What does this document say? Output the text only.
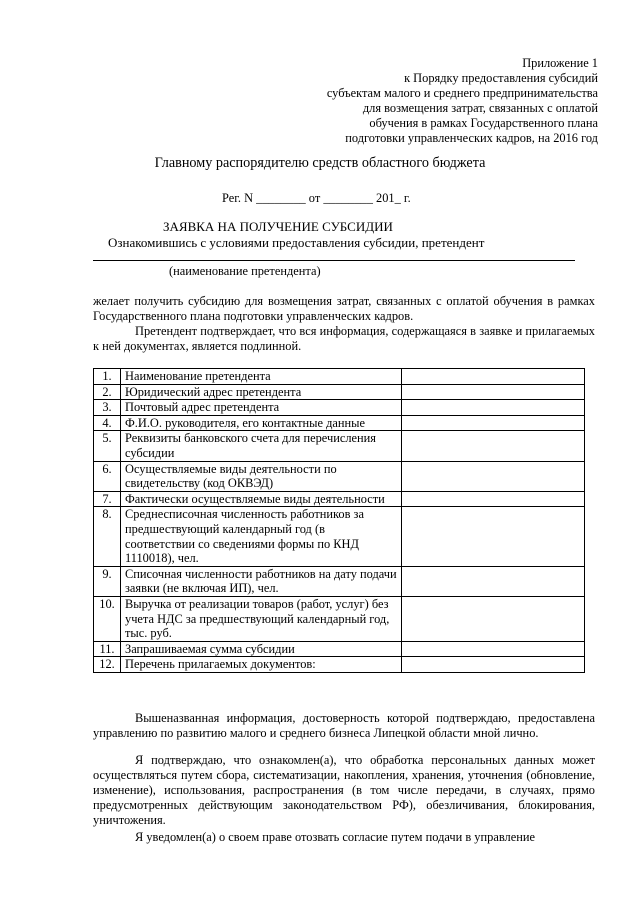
Приложение 1
к Порядку предоставления субсидий
субъектам малого и среднего предпринимательства
для возмещения затрат, связанных с оплатой
обучения в рамках Государственного плана
подготовки управленческих кадров, на 2016 год
Главному распорядителю средств областного бюджета
Рег. N ________ от ________ 201_ г.
ЗАЯВКА НА ПОЛУЧЕНИЕ СУБСИДИИ
Ознакомившись с условиями предоставления субсидии, претендент
(наименование претендента)
желает получить субсидию для возмещения затрат, связанных с оплатой обучения в рамках Государственного плана подготовки управленческих кадров.
Претендент подтверждает, что вся информация, содержащаяся в заявке и прилагаемых к ней документах, является подлинной.
1.	Наименование претендента	
2.	Юридический адрес претендента	
3.	Почтовый адрес претендента	
4.	Ф.И.О. руководителя, его контактные данные	
5.	Реквизиты банковского счета для перечисления субсидии	
6.	Осуществляемые виды деятельности по свидетельству (код ОКВЭД)	
7.	Фактически осуществляемые виды деятельности	
8.	Среднесписочная численность работников за предшествующий календарный год (в соответствии со сведениями формы по КНД 1110018), чел.	
9.	Списочная численности работников на дату подачи заявки (не включая ИП), чел.	
10.	Выручка от реализации товаров (работ, услуг) без учета НДС за предшествующий календарный год, тыс. руб.	
11.	Запрашиваемая сумма субсидии	
12.	Перечень прилагаемых документов:	
Вышеназванная информация, достоверность которой подтверждаю, предоставлена управлению по развитию малого и среднего бизнеса Липецкой области мной лично.
Я подтверждаю, что ознакомлен(а), что обработка персональных данных может осуществляться путем сбора, систематизации, накопления, хранения, уточнения (обновление, изменение), использования, распространения (в том числе передачи, в случаях, прямо предусмотренных действующим законодательством РФ), обезличивания, блокирования, уничтожения.
Я уведомлен(а) о своем праве отозвать согласие путем подачи в управление
